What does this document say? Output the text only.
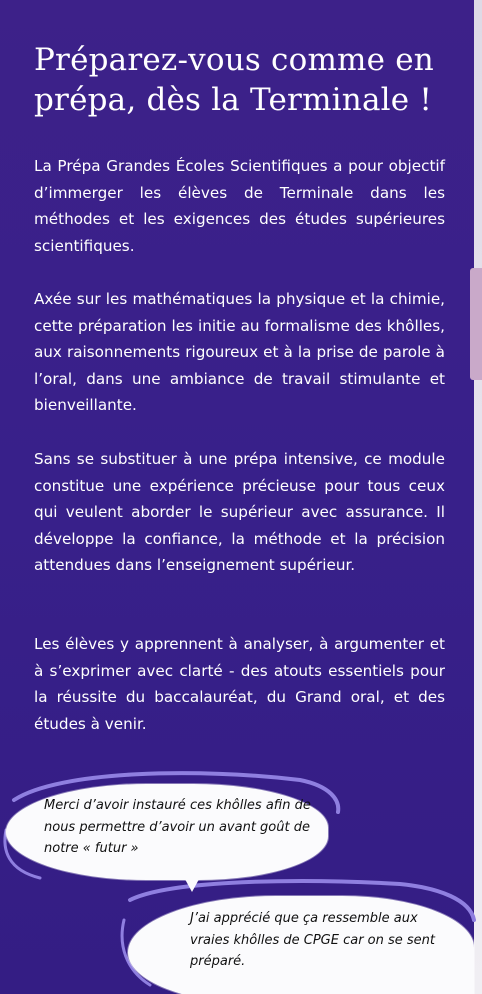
Préparez-vous comme en prépa, dès la Terminale !

La Prépa Grandes Écoles Scientifiques a pour objectif d’immerger les élèves de Terminale dans les méthodes et les exigences des études supérieures scientifiques.

Axée sur les mathématiques la physique et la chimie, cette préparation les initie au formalisme des khôlles, aux raisonnements rigoureux et à la prise de parole à l’oral, dans une ambiance de travail stimulante et bienveillante.

Sans se substituer à une prépa intensive, ce module constitue une expérience précieuse pour tous ceux qui veulent aborder le supérieur avec assurance. Il développe la confiance, la méthode et la précision attendues dans l’enseignement supérieur.

Les élèves y apprennent à analyser, à argumenter et à s’exprimer avec clarté - des atouts essentiels pour la réussite du baccalauréat, du Grand oral, et des études à venir.

Merci d’avoir instauré ces khôlles afin de nous permettre d’avoir un avant goût de notre « futur »

J’ai apprécié que ça ressemble aux vraies khôlles de CPGE car on se sent préparé.
